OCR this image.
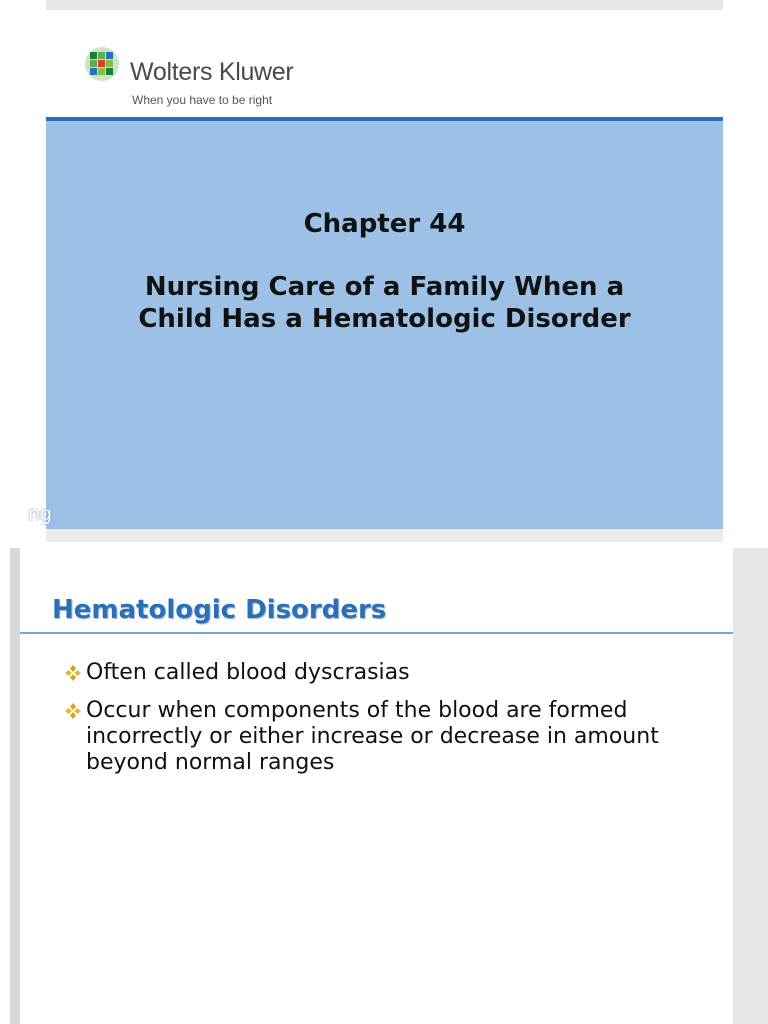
Wolters Kluwer
When you have to be right
Chapter 44
Nursing Care of a Family When a
Child Has a Hematologic Disorder
ng
Hematologic Disorders
Often called blood dyscrasias
Occur when components of the blood are formed incorrectly or either increase or decrease in amount beyond normal ranges
